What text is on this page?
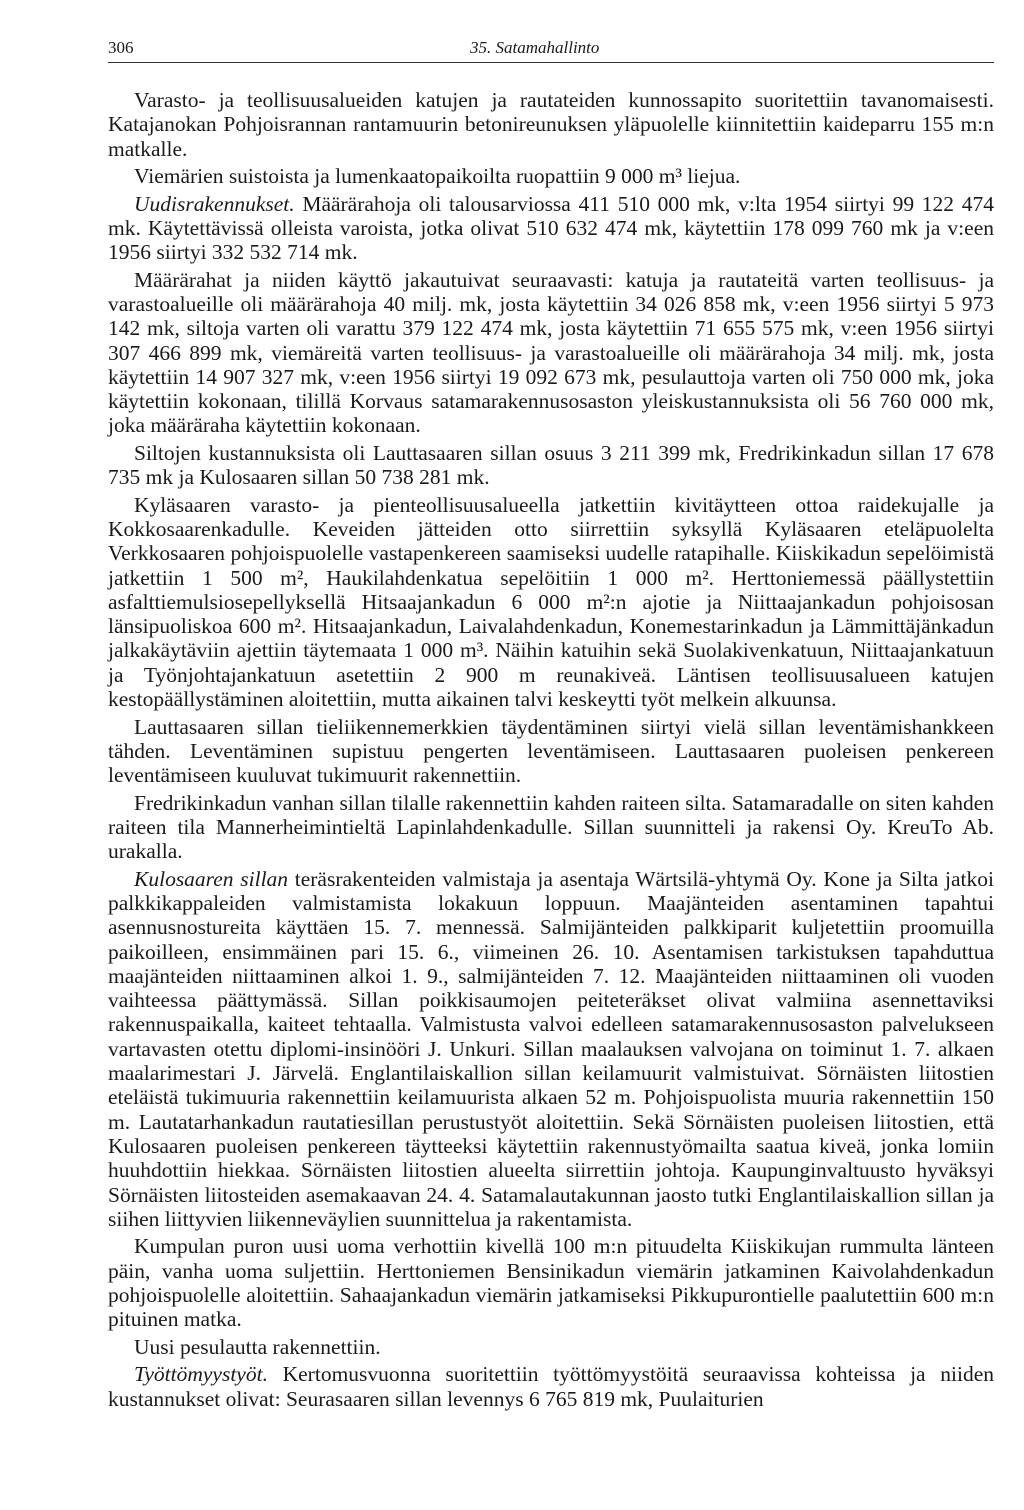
306	35. Satamahallinto

Varasto- ja teollisuusalueiden katujen ja rautateiden kunnossapito suoritettiin tavanomaisesti. Katajanokan Pohjoisrannan rantamuurin betonireunuksen yläpuolelle kiinnitettiin kaideparru 155 m:n matkalle.

Viemärien suistoista ja lumenkaatopaikoilta ruopattiin 9 000 m³ liejua.

Uudisrakennukset. Määrärahoja oli talousarviossa 411 510 000 mk, v:lta 1954 siirtyi 99 122 474 mk. Käytettävissä olleista varoista, jotka olivat 510 632 474 mk, käytettiin 178 099 760 mk ja v:een 1956 siirtyi 332 532 714 mk.

Määrärahat ja niiden käyttö jakautuivat seuraavasti: katuja ja rautateitä varten teollisuus- ja varastoalueille oli määrärahoja 40 milj. mk, josta käytettiin 34 026 858 mk, v:een 1956 siirtyi 5 973 142 mk, siltoja varten oli varattu 379 122 474 mk, josta käytettiin 71 655 575 mk, v:een 1956 siirtyi 307 466 899 mk, viemäreitä varten teollisuus- ja varastoalueille oli määrärahoja 34 milj. mk, josta käytettiin 14 907 327 mk, v:een 1956 siirtyi 19 092 673 mk, pesulauttoja varten oli 750 000 mk, joka käytettiin kokonaan, tilillä Korvaus satamarakennusosaston yleiskustannuksista oli 56 760 000 mk, joka määräraha käytettiin kokonaan.

Siltojen kustannuksista oli Lauttasaaren sillan osuus 3 211 399 mk, Fredrikinkadun sillan 17 678 735 mk ja Kulosaaren sillan 50 738 281 mk.

Kyläsaaren varasto- ja pienteollisuusalueella jatkettiin kivitäytteen ottoa raidekujalle ja Kokkosaarenkadulle. Keveiden jätteiden otto siirrettiin syksyllä Kyläsaaren eteläpuolelta Verkkosaaren pohjoispuolelle vastapenkereen saamiseksi uudelle ratapihalle. Kiiskikadun sepelöimistä jatkettiin 1 500 m², Haukilahdenkatua sepelöitiin 1 000 m². Herttoniemessä päällystettiin asfalttiemulsiosepellyksellä Hitsaajankadun 6 000 m²:n ajotie ja Niittaajankadun pohjoisosan länsipuoliskoa 600 m². Hitsaajankadun, Laivalahdenkadun, Konemestarinkadun ja Lämmittäjänkadun jalkakäytäviin ajettiin täytemaata 1 000 m³. Näihin katuihin sekä Suolakivenkatuun, Niittaajankatuun ja Työnjohtajankatuun asetettiin 2 900 m reunakiveä. Läntisen teollisuusalueen katujen kestopäällystäminen aloitettiin, mutta aikainen talvi keskeytti työt melkein alkuunsa.

Lauttasaaren sillan tieliikennemerkkien täydentäminen siirtyi vielä sillan leventämishankkeen tähden. Leventäminen supistuu pengerten leventämiseen. Lauttasaaren puoleisen penkereen leventämiseen kuuluvat tukimuurit rakennettiin.

Fredrikinkadun vanhan sillan tilalle rakennettiin kahden raiteen silta. Satamaradalle on siten kahden raiteen tila Mannerheimintieltä Lapinlahdenkadulle. Sillan suunnitteli ja rakensi Oy. KreuTo Ab. urakalla.

Kulosaaren sillan teräsrakenteiden valmistaja ja asentaja Wärtsilä-yhtymä Oy. Kone ja Silta jatkoi palkkikappaleiden valmistamista lokakuun loppuun. Maajänteiden asentaminen tapahtui asennusnostureita käyttäen 15. 7. mennessä. Salmijänteiden palkkiparit kuljetettiin proomuilla paikoilleen, ensimmäinen pari 15. 6., viimeinen 26. 10. Asentamisen tarkistuksen tapahduttua maajänteiden niittaaminen alkoi 1. 9., salmijänteiden 7. 12. Maajänteiden niittaaminen oli vuoden vaihteessa päättymässä. Sillan poikkisaumojen peiteteräkset olivat valmiina asennettaviksi rakennuspaikalla, kaiteet tehtaalla. Valmistusta valvoi edelleen satamarakennusosaston palvelukseen vartavasten otettu diplomi-insinööri J. Unkuri. Sillan maalauksen valvojana on toiminut 1. 7. alkaen maalarimestari J. Järvelä. Englantilaiskallion sillan keilamuurit valmistuivat. Sörnäisten liitostien eteläistä tukimuuria rakennettiin keilamuurista alkaen 52 m. Pohjoispuolista muuria rakennettiin 150 m. Lautatarhankadun rautatiesillan perustustyöt aloitettiin. Sekä Sörnäisten puoleisen liitostien, että Kulosaaren puoleisen penkereen täytteeksi käytettiin rakennustyömailta saatua kiveä, jonka lomiin huuhdottiin hiekkaa. Sörnäisten liitostien alueelta siirrettiin johtoja. Kaupunginvaltuusto hyväksyi Sörnäisten liitosteiden asemakaavan 24. 4. Satamalautakunnan jaosto tutki Englantilaiskallion sillan ja siihen liittyvien liikenneväylien suunnittelua ja rakentamista.

Kumpulan puron uusi uoma verhottiin kivellä 100 m:n pituudelta Kiiskikujan rummulta länteen päin, vanha uoma suljettiin. Herttoniemen Bensinikadun viemärin jatkaminen Kaivolahdenkadun pohjoispuolelle aloitettiin. Sahaajankadun viemärin jatkamiseksi Pikkupurontielle paalutettiin 600 m:n pituinen matka.

Uusi pesulautta rakennettiin.

Työttömyystyöt. Kertomusvuonna suoritettiin työttömyystöitä seuraavissa kohteissa ja niiden kustannukset olivat: Seurasaaren sillan levennys 6 765 819 mk, Puulaiturien
